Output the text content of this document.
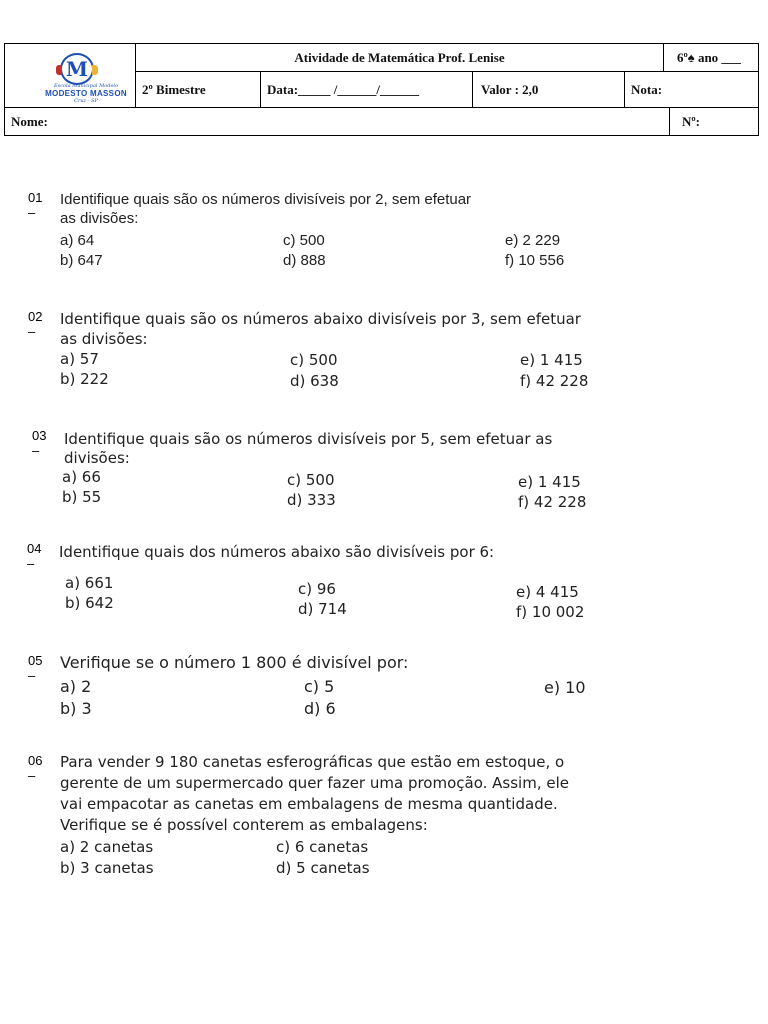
M
Escola Municipal Modelo
MODESTO MASSON
Cruz - SP
Atividade de Matemática Prof. Lenise	6º♠ ano ___
2º Bimestre	Data:_____ /______/______	Valor : 2,0	Nota:
Nome:	Nº:
01 –
Identifique quais são os números divisíveis por 2, sem efetuar
as divisões:
a) 64
b) 647
c) 500
d) 888
e) 2 229
f) 10 556
02 –
Identifique quais são os números abaixo divisíveis por 3, sem efetuar
as divisões:
a) 57
b) 222
c) 500
d) 638
e) 1 415
f) 42 228
03 –
Identifique quais são os números divisíveis por 5, sem efetuar as
divisões:
a) 66
b) 55
c) 500
d) 333
e) 1 415
f) 42 228
04 –
Identifique quais dos números abaixo são divisíveis por 6:
a) 661
b) 642
c) 96
d) 714
e) 4 415
f) 10 002
05 –
Verifique se o número 1 800 é divisível por:
a) 2
b) 3
c) 5
d) 6
e) 10
06 –
Para vender 9 180 canetas esferográficas que estão em estoque, o
gerente de um supermercado quer fazer uma promoção. Assim, ele
vai empacotar as canetas em embalagens de mesma quantidade.
Verifique se é possível conterem as embalagens:
a) 2 canetas
b) 3 canetas
c) 6 canetas
d) 5 canetas
